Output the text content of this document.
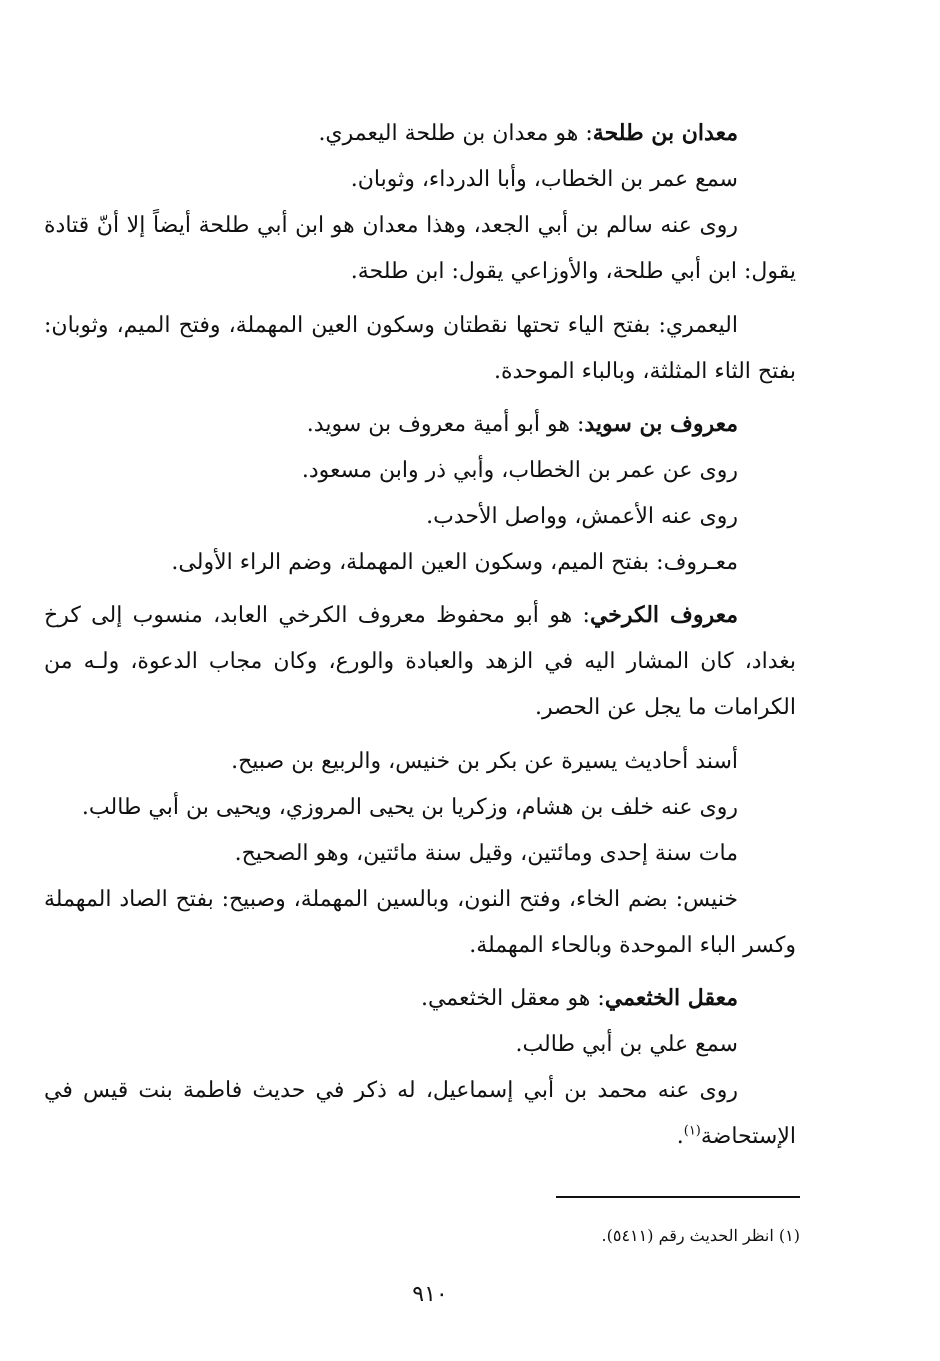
معدان بن طلحة: هو معدان بن طلحة اليعمري.

سمع عمر بن الخطاب، وأبا الدرداء، وثوبان.

روى عنه سالم بن أبي الجعد، وهذا معدان هو ابن أبي طلحة أيضاً إلا أنّ قتادة يقول: ابن أبي طلحة، والأوزاعي يقول: ابن طلحة.

اليعمري: بفتح الياء تحتها نقطتان وسكون العين المهملة، وفتح الميم، وثوبان: بفتح الثاء المثلثة، وبالباء الموحدة.

معروف بن سويد: هو أبو أمية معروف بن سويد.

روى عن عمر بن الخطاب، وأبي ذر وابن مسعود.

روى عنه الأعمش، وواصل الأحدب.

معـروف: بفتح الميم، وسكون العين المهملة، وضم الراء الأولى.

معروف الكرخي: هو أبو محفوظ معروف الكرخي العابد، منسوب إلى كرخ بغداد، كان المشار اليه في الزهد والعبادة والورع، وكان مجاب الدعوة، ولـه من الكرامات ما يجل عن الحصر.

أسند أحاديث يسيرة عن بكر بن خنيس، والربيع بن صبيح.

روى عنه خلف بن هشام، وزكريا بن يحيى المروزي، ويحيى بن أبي طالب.

مات سنة إحدى ومائتين، وقيل سنة مائتين، وهو الصحيح.

خنيس: بضم الخاء، وفتح النون، وبالسين المهملة، وصبيح: بفتح الصاد المهملة وكسر الباء الموحدة وبالحاء المهملة.

معقل الخثعمي: هو معقل الخثعمي.

سمع علي بن أبي طالب.

روى عنه محمد بن أبي إسماعيل، له ذكر في حديث فاطمة بنت قيس في الإستحاضة$^{(١)}$.

(١) انظر الحديث رقم (٥٤١١).
٩١٠
